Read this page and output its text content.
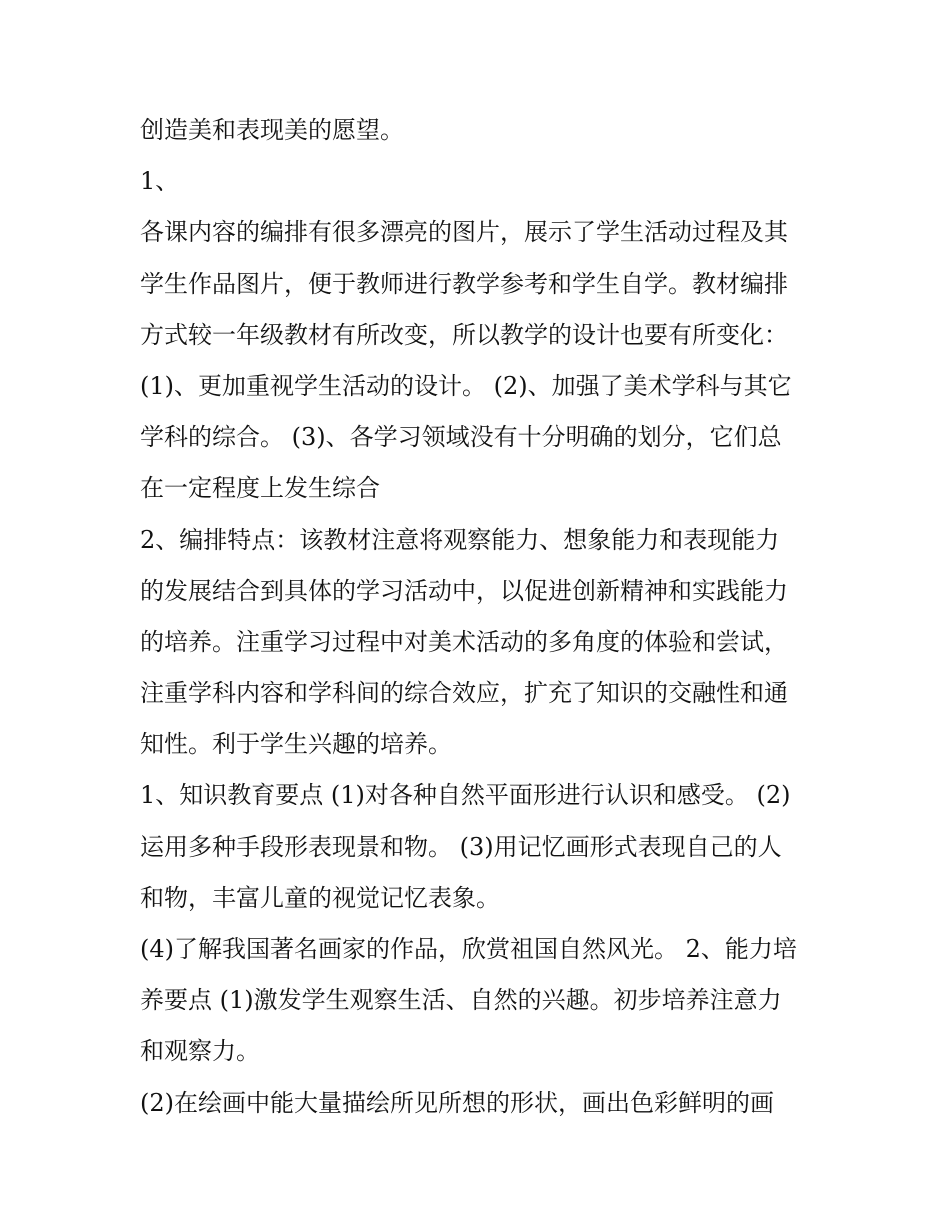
创造美和表现美的愿望。
1、
各课内容的编排有很多漂亮的图片，展示了学生活动过程及其
学生作品图片，便于教师进行教学参考和学生自学。教材编排
方式较一年级教材有所改变，所以教学的设计也要有所变化：
(1)、更加重视学生活动的设计。 (2)、加强了美术学科与其它
学科的综合。 (3)、各学习领域没有十分明确的划分，它们总
在一定程度上发生综合
2、编排特点：该教材注意将观察能力、想象能力和表现能力
的发展结合到具体的学习活动中，以促进创新精神和实践能力
的培养。注重学习过程中对美术活动的多角度的体验和尝试，
注重学科内容和学科间的综合效应，扩充了知识的交融性和通
知性。利于学生兴趣的培养。
1、知识教育要点 (1)对各种自然平面形进行认识和感受。 (2)
运用多种手段形表现景和物。 (3)用记忆画形式表现自己的人
和物，丰富儿童的视觉记忆表象。
(4)了解我国著名画家的作品，欣赏祖国自然风光。 2、能力培
养要点 (1)激发学生观察生活、自然的兴趣。初步培养注意力
和观察力。
(2)在绘画中能大量描绘所见所想的形状，画出色彩鲜明的画
